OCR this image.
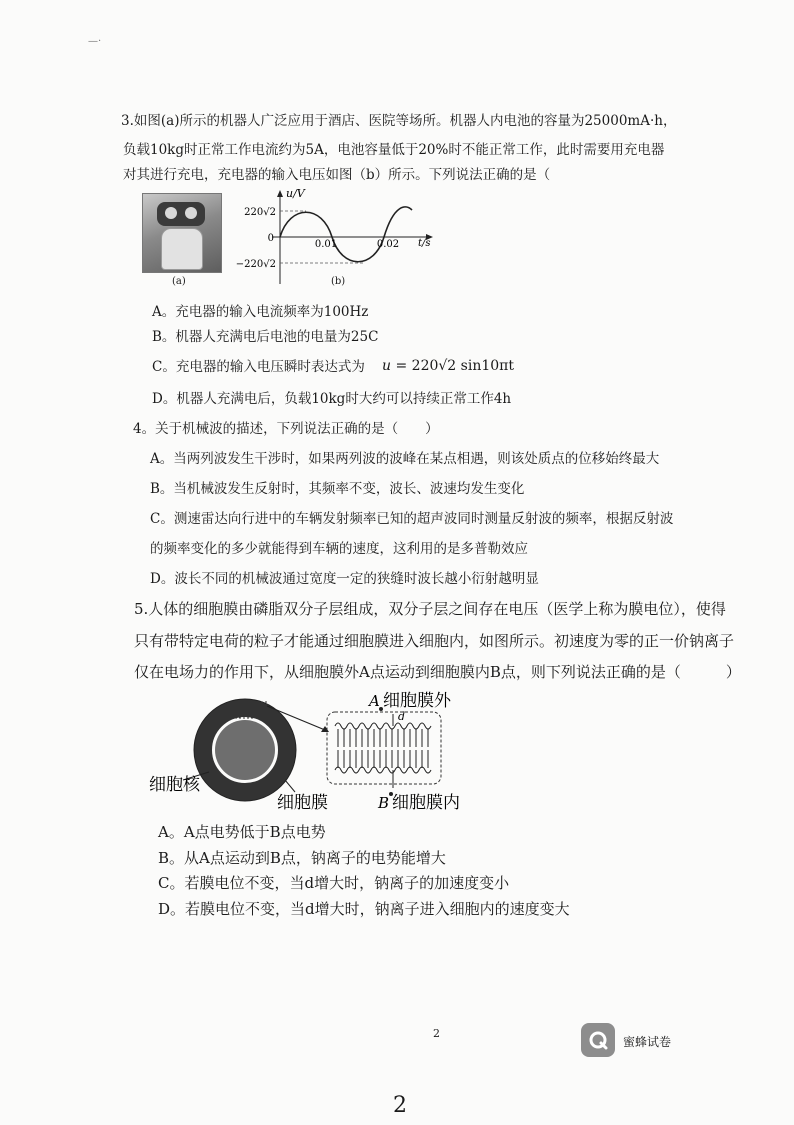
—·
3.如图(a)所示的机器人广泛应用于酒店、医院等场所。机器人内电池的容量为25000mA·h，
负载10kg时正常工作电流约为5A，电池容量低于20%时不能正常工作，此时需要用充电器
对其进行充电，充电器的输入电压如图（b）所示。下列说法正确的是（
(a)
u/V
t/s
220√2
−220√2
0
0.01	0.02
(b)
A。充电器的输入电流频率为100Hz
B。机器人充满电后电池的电量为25C
C。充电器的输入电压瞬时表达式为 u = 220√2 sin10πt
D。机器人充满电后，负载10kg时大约可以持续正常工作4h
4。关于机械波的描述，下列说法正确的是（　　）
A。当两列波发生干涉时，如果两列波的波峰在某点相遇，则该处质点的位移始终最大
B。当机械波发生反射时，其频率不变，波长、波速均发生变化
C。测速雷达向行进中的车辆发射频率已知的超声波同时测量反射波的频率，根据反射波
的频率变化的多少就能得到车辆的速度，这利用的是多普勒效应
D。波长不同的机械波通过宽度一定的狭缝时波长越小衍射越明显
5.人体的细胞膜由磷脂双分子层组成，双分子层之间存在电压（医学上称为膜电位），使得
只有带特定电荷的粒子才能通过细胞膜进入细胞内，如图所示。初速度为零的正一价钠离子
仅在电场力的作用下，从细胞膜外A点运动到细胞膜内B点，则下列说法正确的是（　　　）
A 细胞膜外
d
细胞核
细胞膜	B 细胞膜内
A。A点电势低于B点电势
B。从A点运动到B点，钠离子的电势能增大
C。若膜电位不变，当d增大时，钠离子的加速度变小
D。若膜电位不变，当d增大时，钠离子进入细胞内的速度变大
2
蜜蜂试卷
2
